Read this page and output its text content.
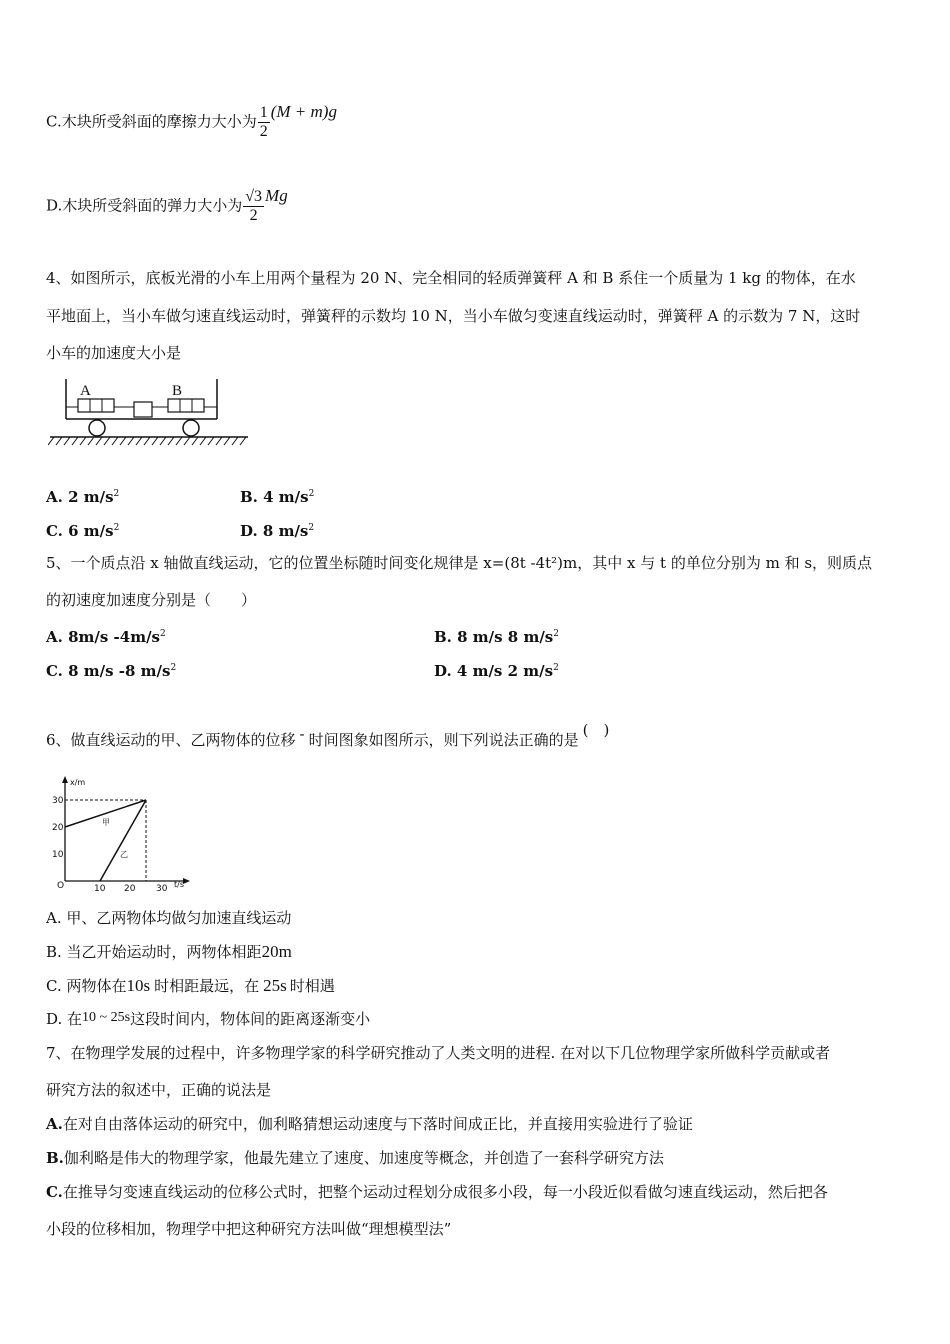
C.木块所受斜面的摩擦力大小为 $\frac{1}{2} (M + m)g$
D.木块所受斜面的弹力大小为 $\frac{√3}{2}$ Mg
4、如图所示，底板光滑的小车上用两个量程为 20 N、完全相同的轻质弹簧秤 A 和 B 系住一个质量为 1 kg 的物体，在水
平地面上，当小车做匀速直线运动时，弹簧秤的示数均 10 N，当小车做匀变速直线运动时，弹簧秤 A 的示数为 7 N，这时
小车的加速度大小是
A	B
A. 2 $m/s^2$	B. 4 $m/s^2$
C. 6 $m/s^2$	D. 8 $m/s^2$
5、一个质点沿 x 轴做直线运动，它的位置坐标随时间变化规律是 x=(8t -4t²)m，其中 x 与 t 的单位分别为 m 和 s，则质点
的初速度加速度分别是（　　）
A. 8m/s $-4m/s^2$	B. 8 m/s 8 $m/s^2$
C. 8 m/s -8 $m/s^2$	D. 4 m/s 2 $m/s^2$
6、做直线运动的甲、乙两物体的位移 - 时间图象如图所示，则下列说法正确的是(　)
x/m
t/s
O
10
20
30
10 20 30
甲
乙
A. 甲、乙两物体均做匀加速直线运动
B. 当乙开始运动时，两物体相距20m
C. 两物体在10s 时相距最远，在 25s 时相遇
D. 在10 ~ 25s这段时间内，物体间的距离逐渐变小
7、在物理学发展的过程中，许多物理学家的科学研究推动了人类文明的进程. 在对以下几位物理学家所做科学贡献或者
研究方法的叙述中，正确的说法是
A.在对自由落体运动的研究中，伽利略猜想运动速度与下落时间成正比，并直接用实验进行了验证
B.伽利略是伟大的物理学家，他最先建立了速度、加速度等概念，并创造了一套科学研究方法
C.在推导匀变速直线运动的位移公式时，把整个运动过程划分成很多小段，每一小段近似看做匀速直线运动，然后把各
小段的位移相加，物理学中把这种研究方法叫做“理想模型法”
